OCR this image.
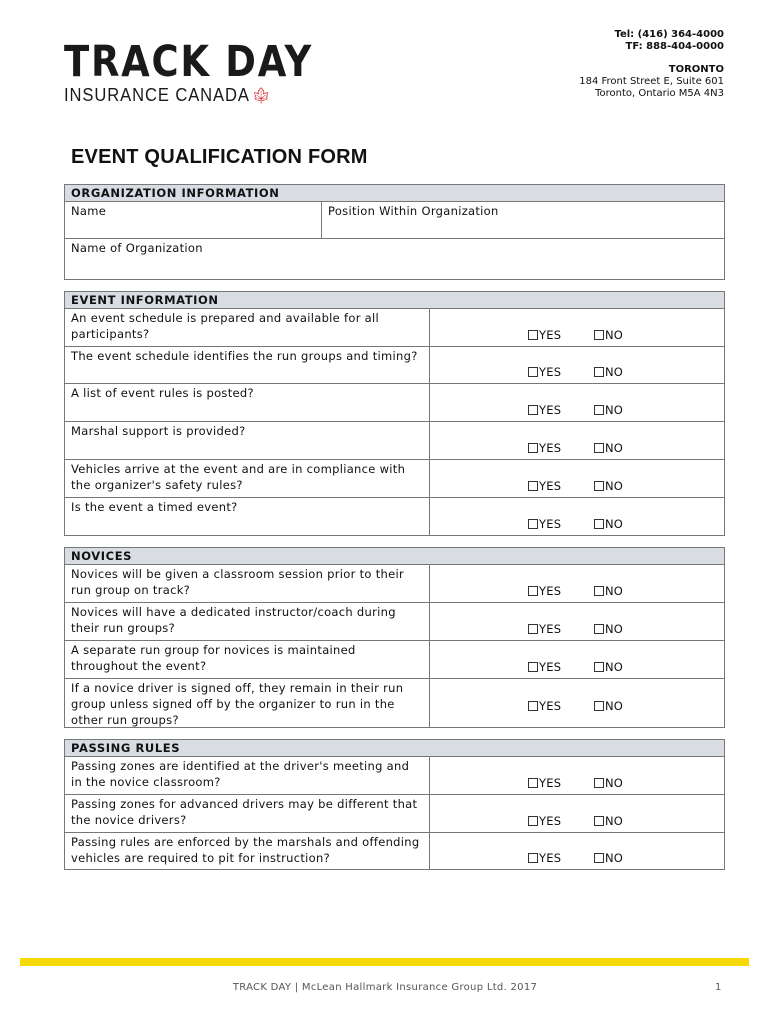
TRACK DAY
INSURANCE CANADA 🍁︎
Tel: (416) 364-4000
TF: 888-404-0000
TORONTO
184 Front Street E, Suite 601
Toronto, Ontario M5A 4N3
EVENT QUALIFICATION FORM
ORGANIZATION INFORMATION
Name	Position Within Organization
Name of Organization
EVENT INFORMATION
An event schedule is prepared and available for all participants?	YES	NO
The event schedule identifies the run groups and timing?
YES	NO
A list of event rules is posted?
YES	NO
Marshal support is provided?
YES	NO
Vehicles arrive at the event and are in compliance with the organizer's safety rules?	YES	NO
Is the event a timed event?
YES	NO
NOVICES
Novices will be given a classroom session prior to their run group on track?	YES	NO
Novices will have a dedicated instructor/coach during their run groups?	YES	NO
A separate run group for novices is maintained throughout the event?	YES	NO
If a novice driver is signed off, they remain in their run group unless signed off by the organizer to run in the other run groups?
YES	NO
PASSING RULES
Passing zones are identified at the driver's meeting and in the novice classroom?	YES	NO
Passing zones for advanced drivers may be different that the novice drivers?	YES	NO
Passing rules are enforced by the marshals and offending vehicles are required to pit for instruction?	YES	NO
TRACK DAY | McLean Hallmark Insurance Group Ltd. 2017	1
